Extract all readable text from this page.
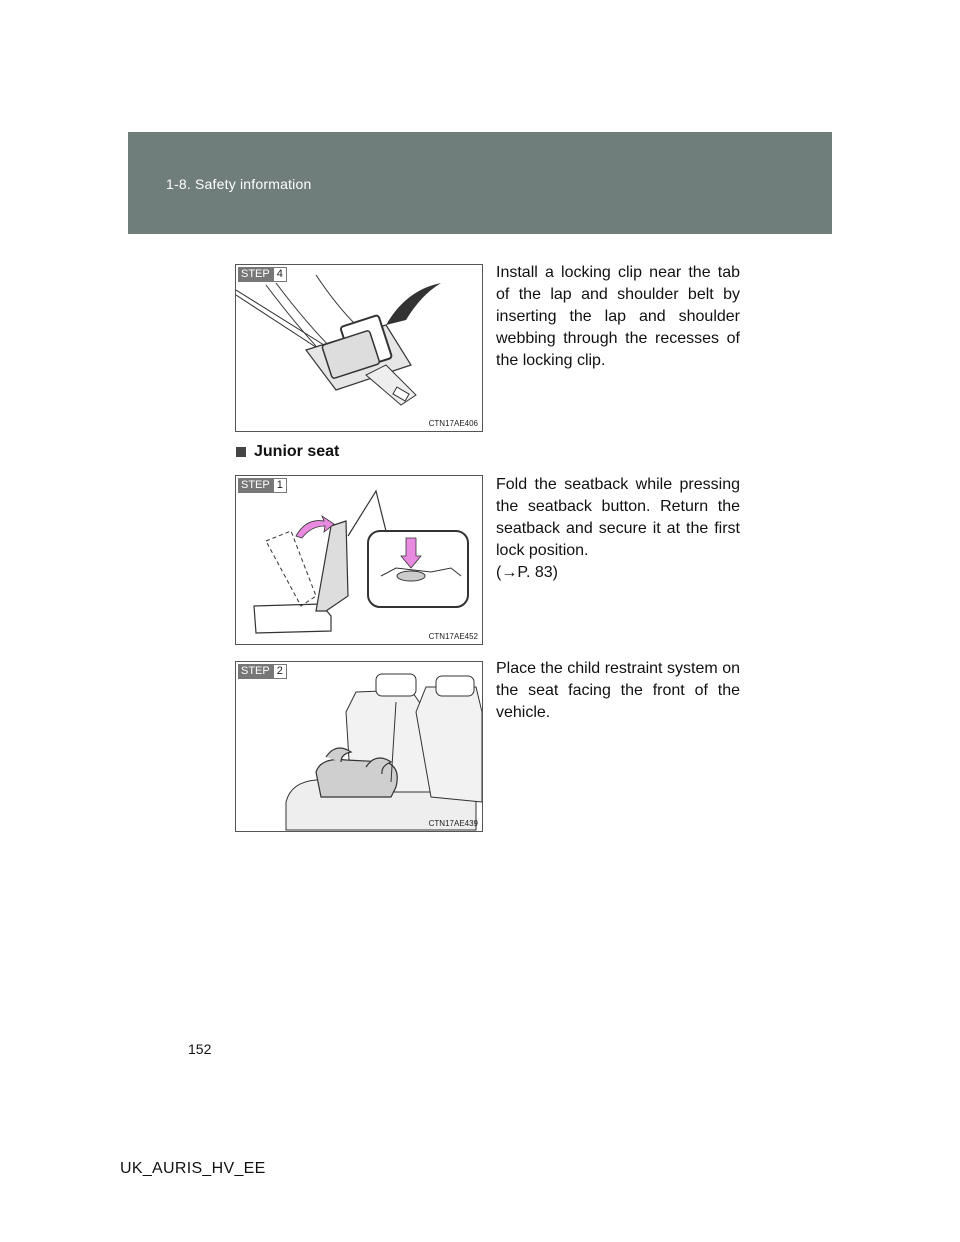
1-8. Safety information
STEP 4
CTN17AE406
Install a locking clip near the tab of the lap and shoulder belt by inserting the lap and shoulder webbing through the recesses of the locking clip.
Junior seat
STEP 1
CTN17AE452
Fold the seatback while pressing the seatback button. Return the seatback and secure it at the first lock position.
(→P. 83)
STEP 2
CTN17AE439
Place the child restraint system on the seat facing the front of the vehicle.
152
UK_AURIS_HV_EE
